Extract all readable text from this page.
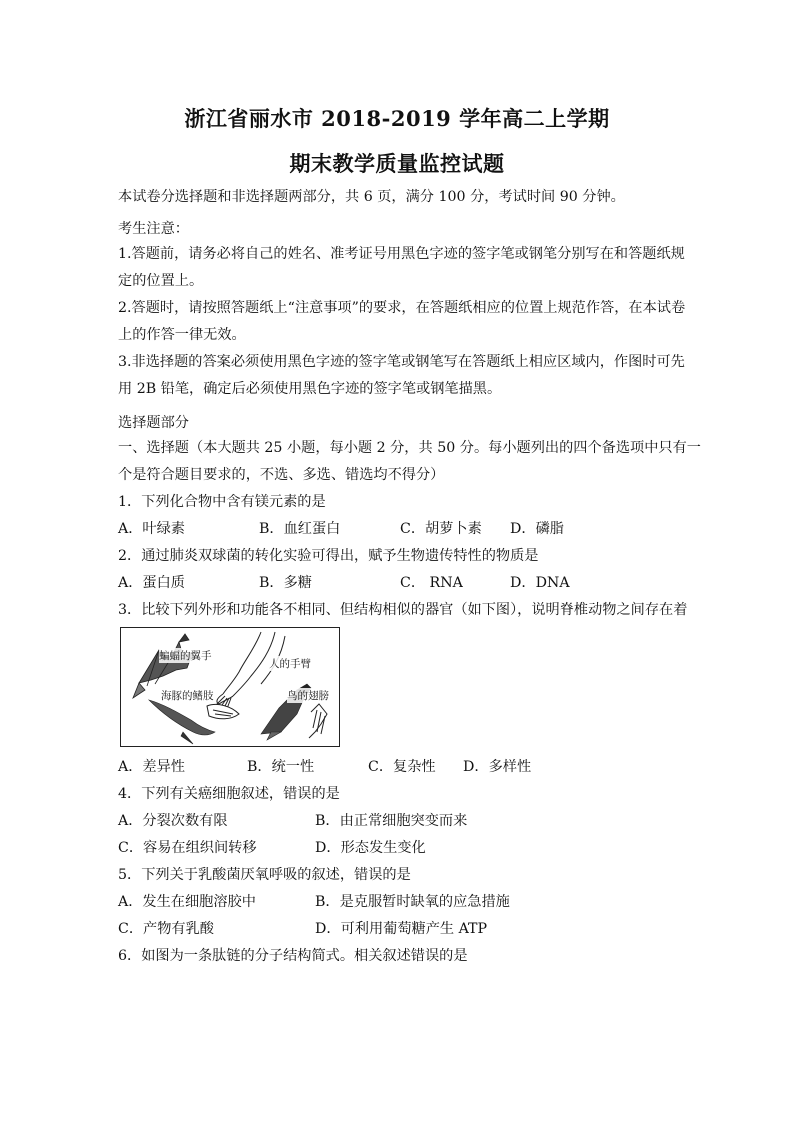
浙江省丽水市 2018-2019 学年高二上学期
期末教学质量监控试题
本试卷分选择题和非选择题两部分，共 6 页，满分 100 分，考试时间 90 分钟。
考生注意：
1.答题前，请务必将自己的姓名、准考证号用黑色字迹的签字笔或钢笔分别写在和答题纸规
定的位置上。
2.答题时，请按照答题纸上“注意事项”的要求，在答题纸相应的位置上规范作答，在本试卷
上的作答一律无效。
3.非选择题的答案必须使用黑色字迹的签字笔或钢笔写在答题纸上相应区域内，作图时可先
用 2B 铅笔，确定后必须使用黑色字迹的签字笔或钢笔描黑。
选择题部分
一、选择题（本大题共 25 小题，每小题 2 分，共 50 分。每小题列出的四个备选项中只有一
个是符合题目要求的，不选、多选、错选均不得分）
1．下列化合物中含有镁元素的是
A．叶绿素	B．血红蛋白	C．胡萝卜素 D．磷脂
2．通过肺炎双球菌的转化实验可得出，赋予生物遗传特性的物质是
A．蛋白质	B．多糖	C． RNA	D．DNA
3．比较下列外形和功能各不相同、但结构相似的器官（如下图），说明脊椎动物之间存在着
蝙蝠的翼手
人的手臂
海豚的鳍肢	鸟的翅膀
A．差异性	B．统一性	C．复杂性 D．多样性
4．下列有关癌细胞叙述，错误的是
A．分裂次数有限	B．由正常细胞突变而来
C．容易在组织间转移	D．形态发生变化
5．下列关于乳酸菌厌氧呼吸的叙述，错误的是
A．发生在细胞溶胶中	B．是克服暂时缺氧的应急措施
C．产物有乳酸	D．可利用葡萄糖产生 ATP
6．如图为一条肽链的分子结构简式。相关叙述错误的是
